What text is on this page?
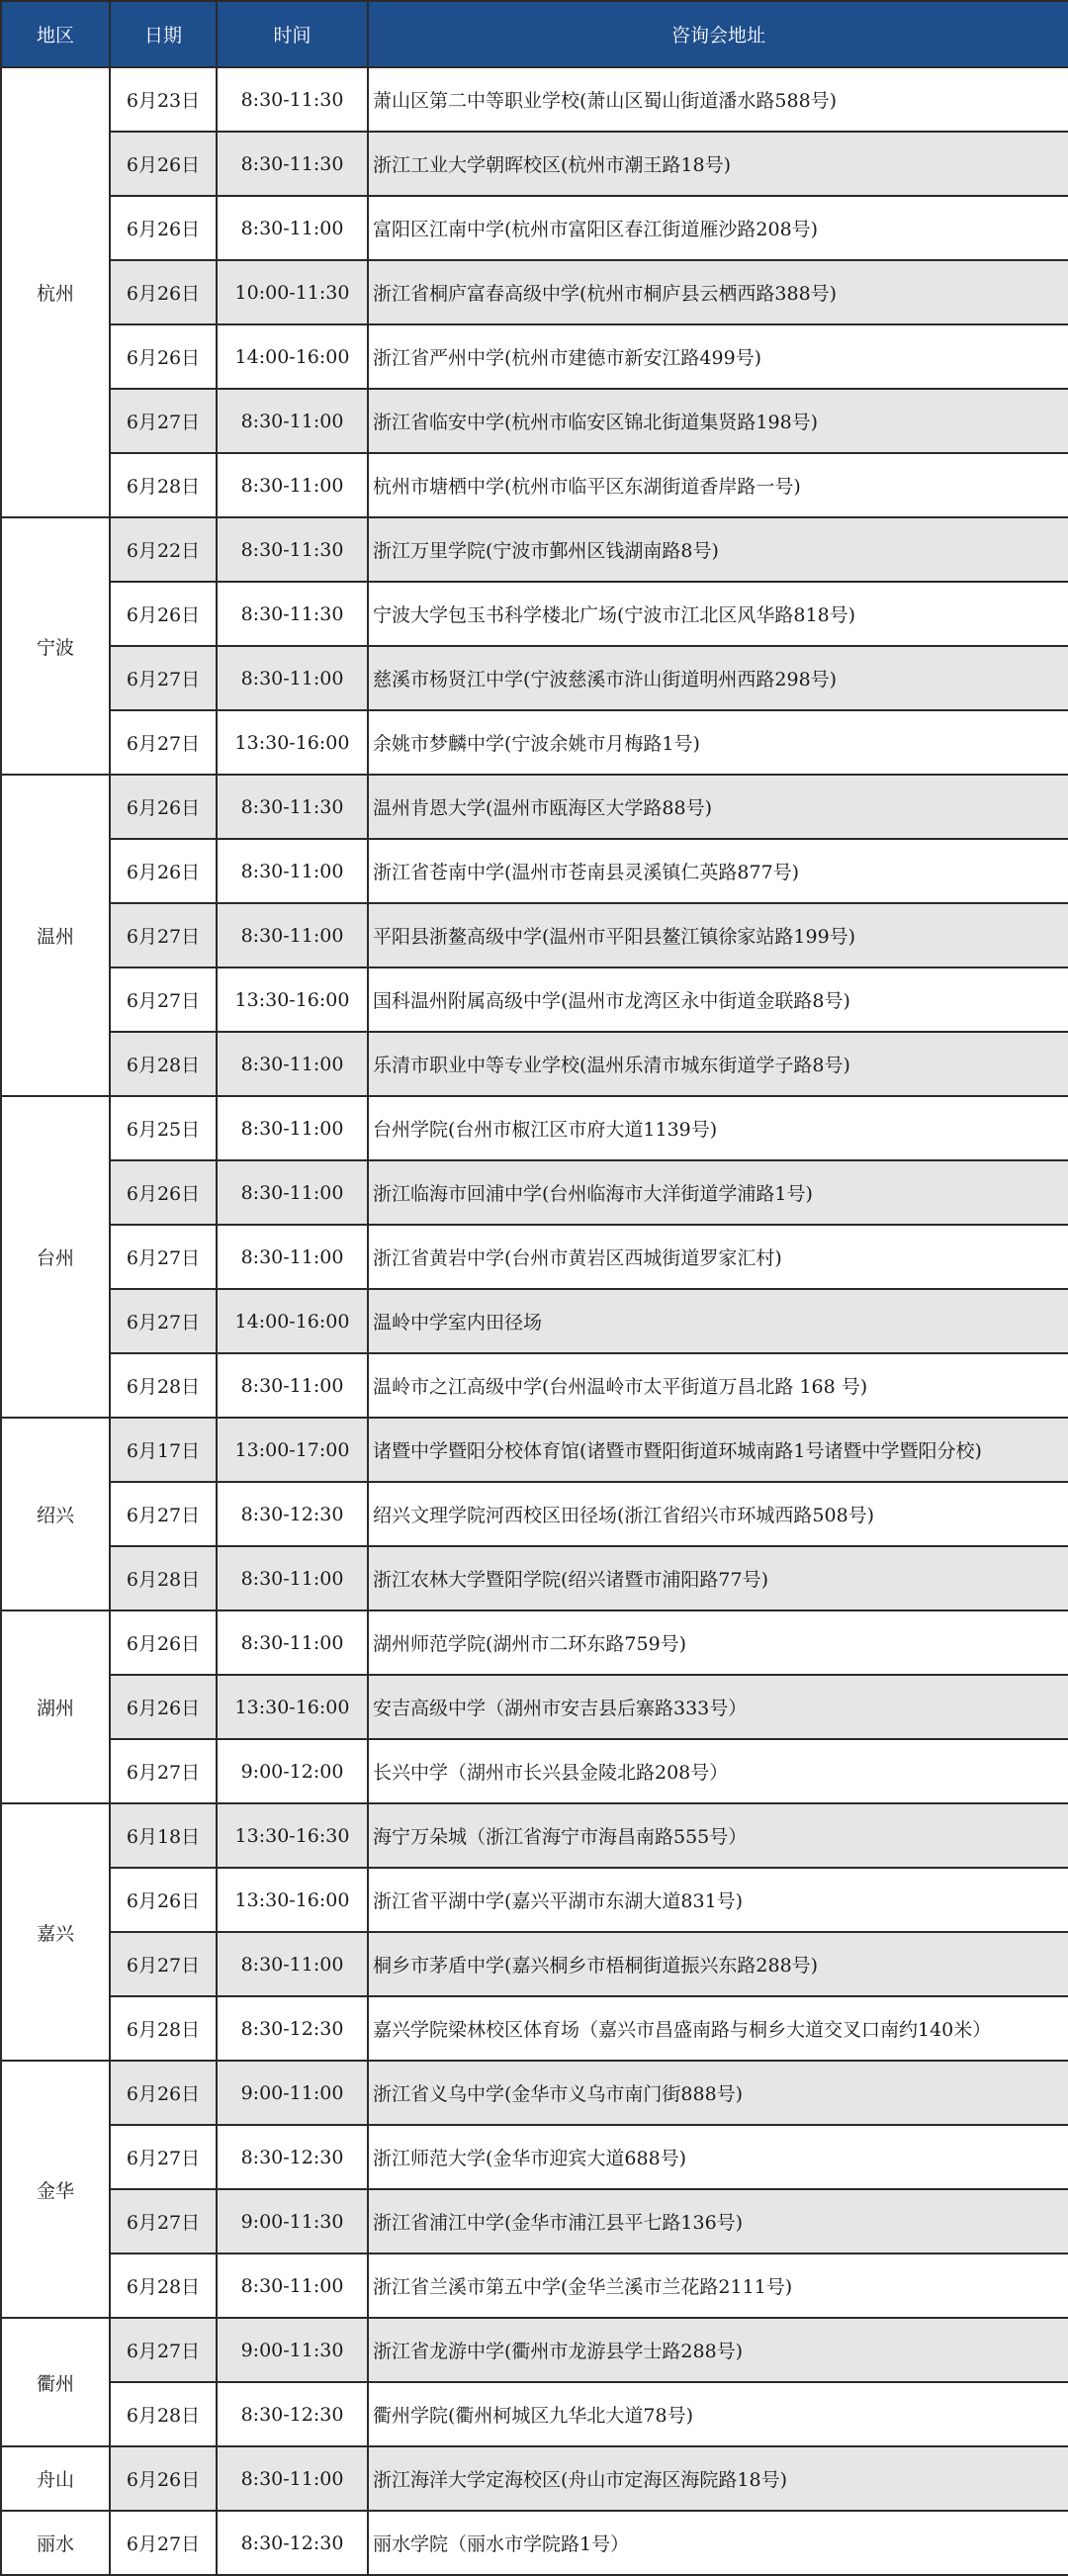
地区	日期	时间	咨询会地址
杭州	6月23日	8:30-11:30	萧山区第二中等职业学校(萧山区蜀山街道潘水路588号)
	6月26日	8:30-11:30	浙江工业大学朝晖校区(杭州市潮王路18号)
	6月26日	8:30-11:00	富阳区江南中学(杭州市富阳区春江街道雁沙路208号)
	6月26日	10:00-11:30	浙江省桐庐富春高级中学(杭州市桐庐县云栖西路388号)
	6月26日	14:00-16:00	浙江省严州中学(杭州市建德市新安江路499号)
	6月27日	8:30-11:00	浙江省临安中学(杭州市临安区锦北街道集贤路198号)
	6月28日	8:30-11:00	杭州市塘栖中学(杭州市临平区东湖街道香岸路一号)
宁波	6月22日	8:30-11:30	浙江万里学院(宁波市鄞州区钱湖南路8号)
	6月26日	8:30-11:30	宁波大学包玉书科学楼北广场(宁波市江北区风华路818号)
	6月27日	8:30-11:00	慈溪市杨贤江中学(宁波慈溪市浒山街道明州西路298号)
	6月27日	13:30-16:00	余姚市梦麟中学(宁波余姚市月梅路1号)
温州	6月26日	8:30-11:30	温州肯恩大学(温州市瓯海区大学路88号)
	6月26日	8:30-11:00	浙江省苍南中学(温州市苍南县灵溪镇仁英路877号)
	6月27日	8:30-11:00	平阳县浙鳌高级中学(温州市平阳县鳌江镇徐家站路199号)
	6月27日	13:30-16:00	国科温州附属高级中学(温州市龙湾区永中街道金联路8号)
	6月28日	8:30-11:00	乐清市职业中等专业学校(温州乐清市城东街道学子路8号)
台州	6月25日	8:30-11:00	台州学院(台州市椒江区市府大道1139号)
	6月26日	8:30-11:00	浙江临海市回浦中学(台州临海市大洋街道学浦路1号)
	6月27日	8:30-11:00	浙江省黄岩中学(台州市黄岩区西城街道罗家汇村)
	6月27日	14:00-16:00	温岭中学室内田径场
	6月28日	8:30-11:00	温岭市之江高级中学(台州温岭市太平街道万昌北路 168 号)
绍兴	6月17日	13:00-17:00	诸暨中学暨阳分校体育馆(诸暨市暨阳街道环城南路1号诸暨中学暨阳分校)
	6月27日	8:30-12:30	绍兴文理学院河西校区田径场(浙江省绍兴市环城西路508号)
	6月28日	8:30-11:00	浙江农林大学暨阳学院(绍兴诸暨市浦阳路77号)
湖州	6月26日	8:30-11:00	湖州师范学院(湖州市二环东路759号)
	6月26日	13:30-16:00	安吉高级中学（湖州市安吉县后寨路333号）
	6月27日	9:00-12:00	长兴中学（湖州市长兴县金陵北路208号）
嘉兴	6月18日	13:30-16:30	海宁万朵城（浙江省海宁市海昌南路555号）
	6月26日	13:30-16:00	浙江省平湖中学(嘉兴平湖市东湖大道831号)
	6月27日	8:30-11:00	桐乡市茅盾中学(嘉兴桐乡市梧桐街道振兴东路288号)
	6月28日	8:30-12:30	嘉兴学院梁林校区体育场（嘉兴市昌盛南路与桐乡大道交叉口南约140米）
金华	6月26日	9:00-11:00	浙江省义乌中学(金华市义乌市南门街888号)
	6月27日	8:30-12:30	浙江师范大学(金华市迎宾大道688号)
	6月27日	9:00-11:30	浙江省浦江中学(金华市浦江县平七路136号)
	6月28日	8:30-11:00	浙江省兰溪市第五中学(金华兰溪市兰花路2111号)
衢州	6月27日	9:00-11:30	浙江省龙游中学(衢州市龙游县学士路288号)
	6月28日	8:30-12:30	衢州学院(衢州柯城区九华北大道78号)
舟山	6月26日	8:30-11:00	浙江海洋大学定海校区(舟山市定海区海院路18号)
丽水	6月27日	8:30-12:30	丽水学院（丽水市学院路1号）
